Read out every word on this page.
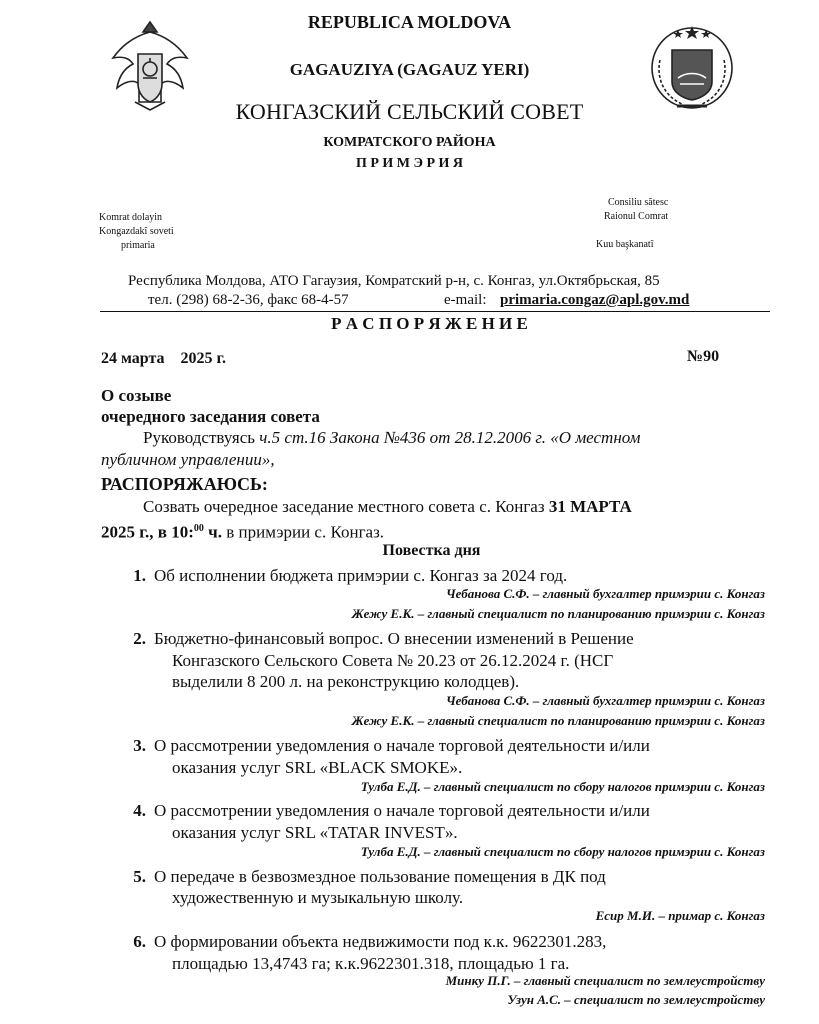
REPUBLICA MOLDOVA
GAGAUZIYA (GAGAUZ YERI)
КОНГАЗСКИЙ СЕЛЬСКИЙ СОВЕТ
КОМРАТСКОГО РАЙОНА
П Р И М Э Р И Я
Komrat dolayin
Kongazdakî soveti
primaria
Consiliu sătesc
Raionul Comrat
Kuu başkanatî
Республика Молдова, АТО Гагаузия, Комратский р-н, с. Конгаз, ул.Октябрьская, 85
тел. (298) 68-2-36, факс 68-4-57	e-mail: primaria.congaz@apl.gov.md
Р А С П О Р Я Ж Е Н И Е
24 марта    2025 г.	№90
О созыве
очередного заседания совета
Руководствуясь ч.5 ст.16 Закона №436 от 28.12.2006 г. «О местном
публичном управлении»,
РАСПОРЯЖАЮСЬ:
Созвать очередное заседание местного совета с. Конгаз 31 МАРТА
2025 г., в 10:$^{00}$ ч. в примэрии с. Конгаз.
Повестка дня
1. Об исполнении бюджета примэрии с. Конгаз за 2024 год.
Чебанова С.Ф. – главный бухгалтер примэрии с. Конгаз
Жежу Е.К. – главный специалист по планированию примэрии с. Конгаз
2. Бюджетно-финансовый вопрос. О внесении изменений в Решение
Конгазского Сельского Совета № 20.23 от 26.12.2024 г. (НСГ
выделили 8 200 л. на реконструкцию колодцев).
Чебанова С.Ф. – главный бухгалтер примэрии с. Конгаз
Жежу Е.К. – главный специалист по планированию примэрии с. Конгаз
3. О рассмотрении уведомления о начале торговой деятельности и/или
оказания услуг SRL «BLACK SMOKE».
Тулба Е.Д. – главный специалист по сбору налогов примэрии с. Конгаз
4. О рассмотрении уведомления о начале торговой деятельности и/или
оказания услуг SRL «TATAR INVEST».
Тулба Е.Д. – главный специалист по сбору налогов примэрии с. Конгаз
5. О передаче в безвозмездное пользование помещения в ДК под
художественную и музыкальную школу.
Есир М.И. – примар с. Конгаз
6. О формировании объекта недвижимости под к.к. 9622301.283,
площадью 13,4743 га; к.к.9622301.318, площадью 1 га.
Минку П.Г. – главный специалист по землеустройству
Узун А.С. – специалист по землеустройству
